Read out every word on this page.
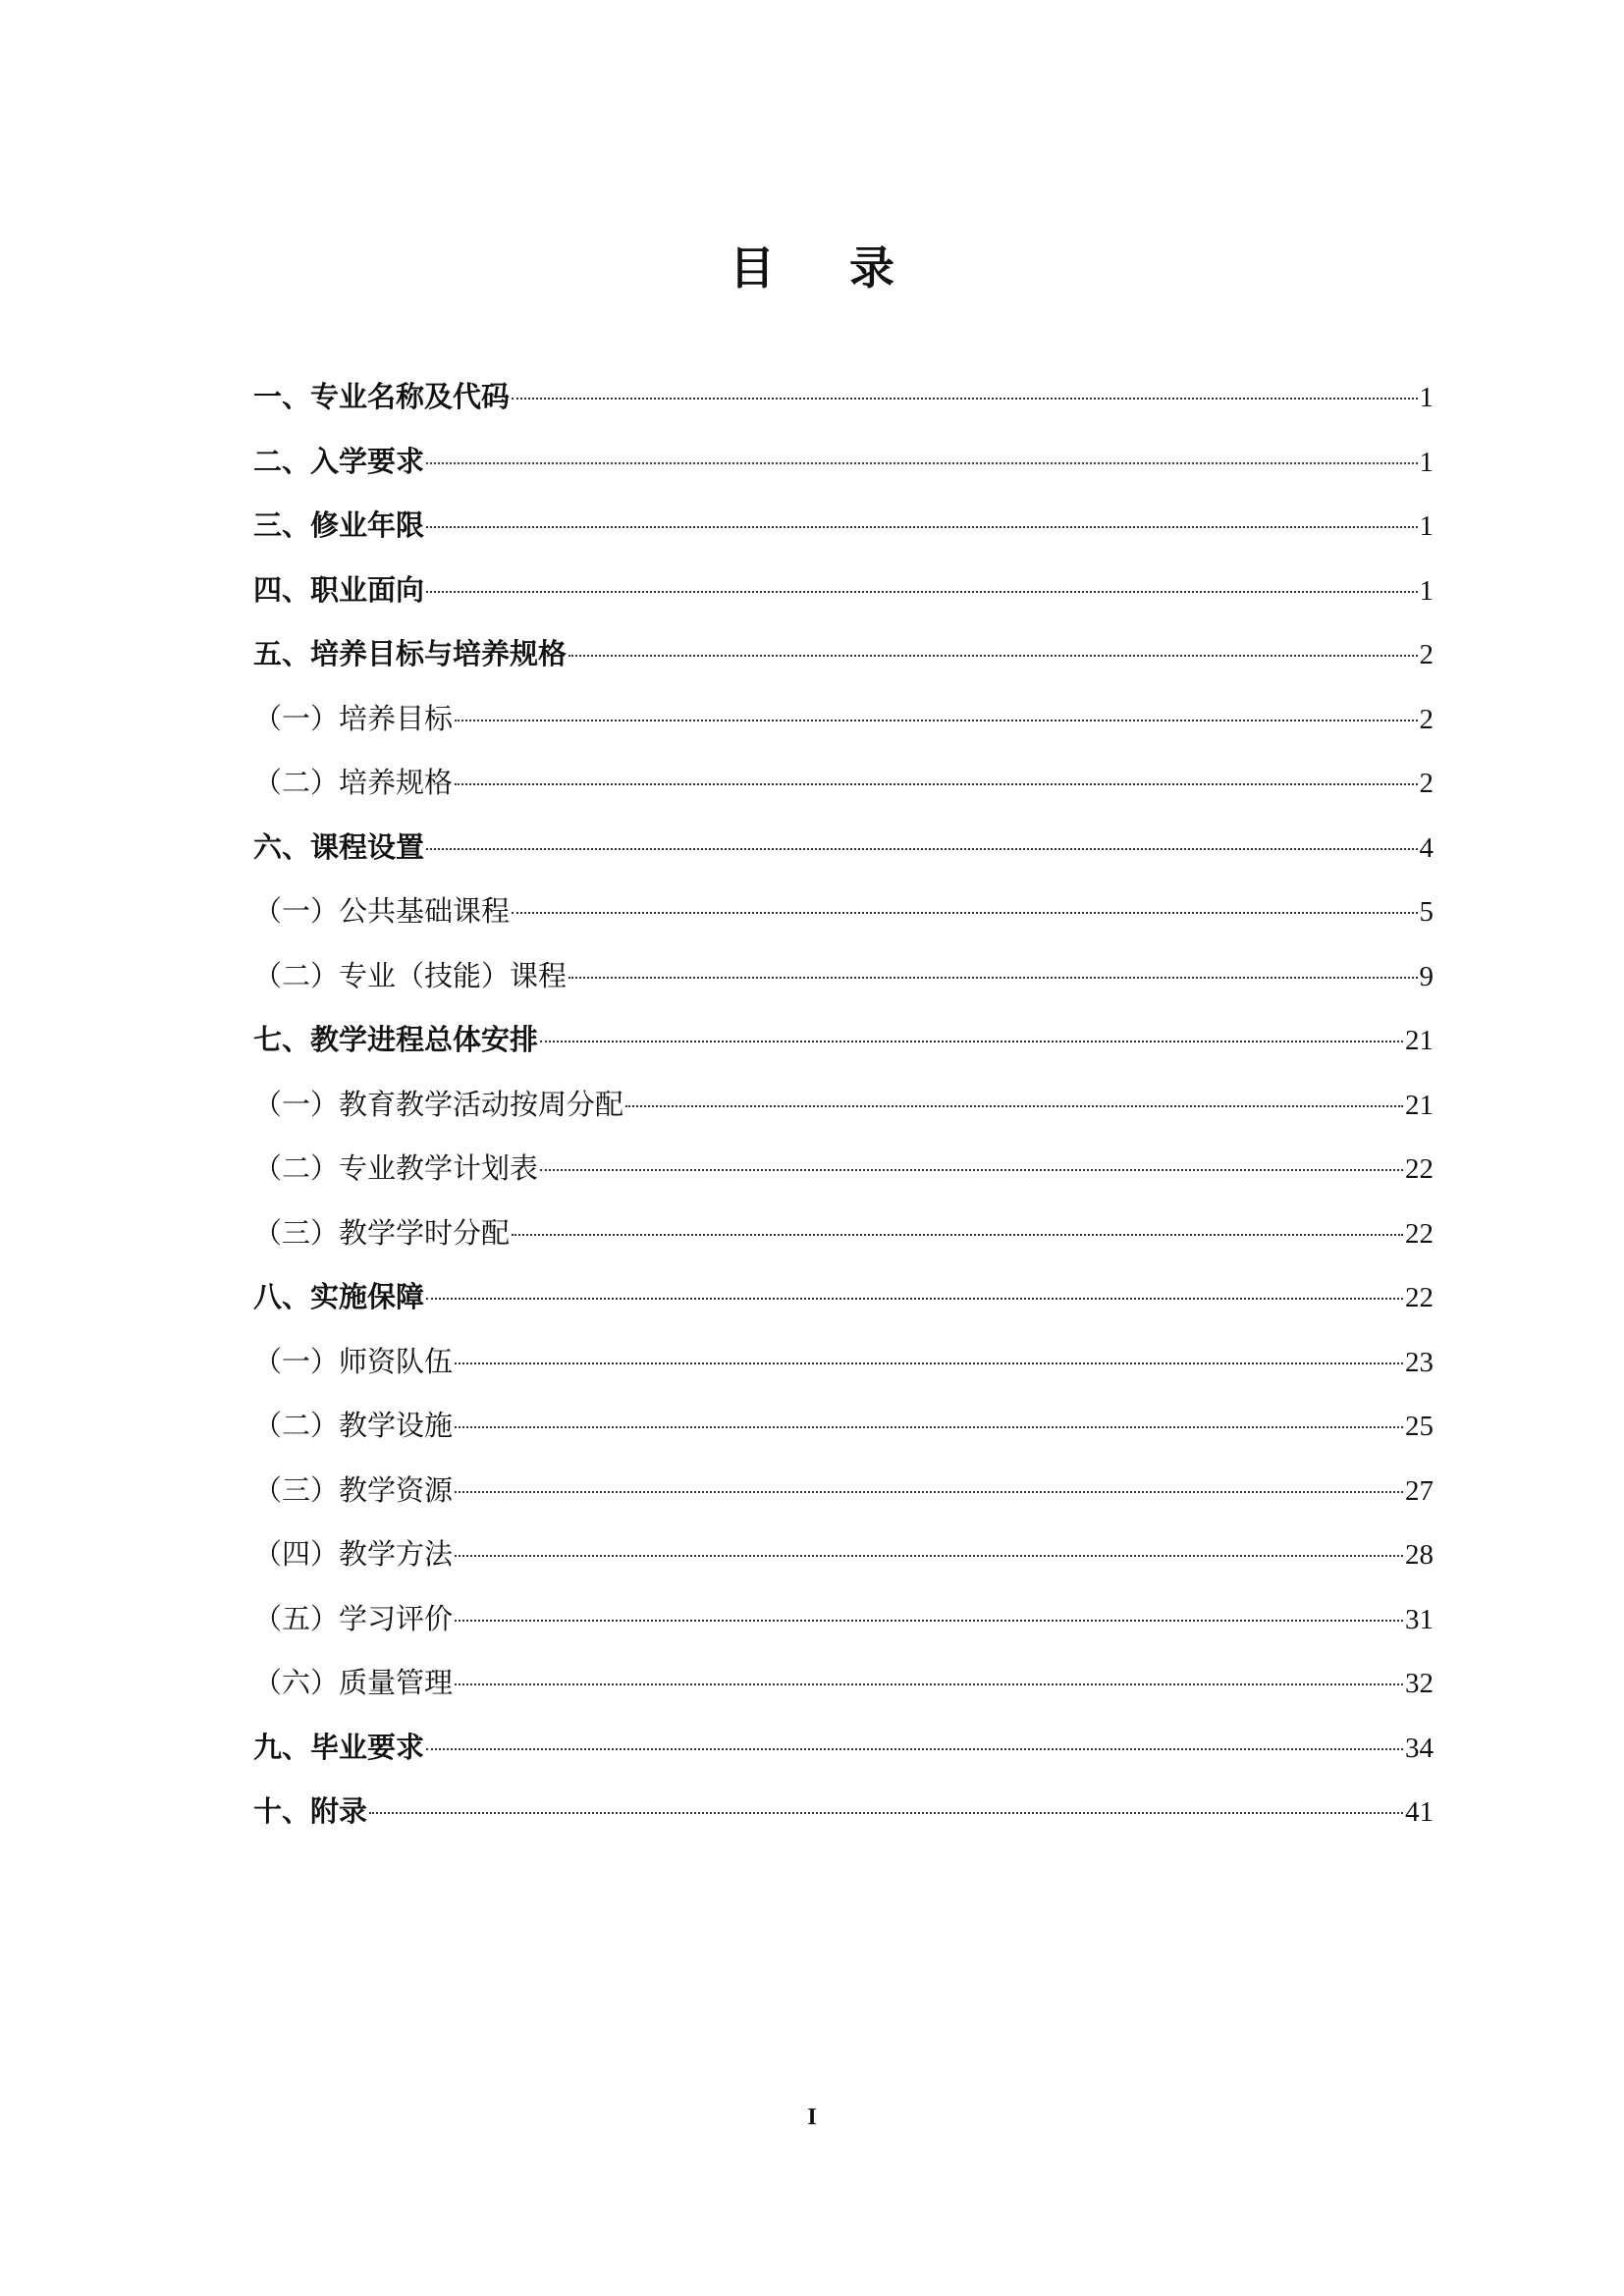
目 录
一、专业名称及代码	1
二、入学要求	1
三、修业年限	1
四、职业面向	1
五、培养目标与培养规格	2
（一）培养目标	2
（二）培养规格	2
六、课程设置	4
（一）公共基础课程	5
（二）专业（技能）课程	9
七、教学进程总体安排	21
（一）教育教学活动按周分配	21
（二）专业教学计划表	22
（三）教学学时分配	22
八、实施保障	22
（一）师资队伍	23
（二）教学设施	25
（三）教学资源	27
（四）教学方法	28
（五）学习评价	31
（六）质量管理	32
九、毕业要求	34
十、附录	41
I
